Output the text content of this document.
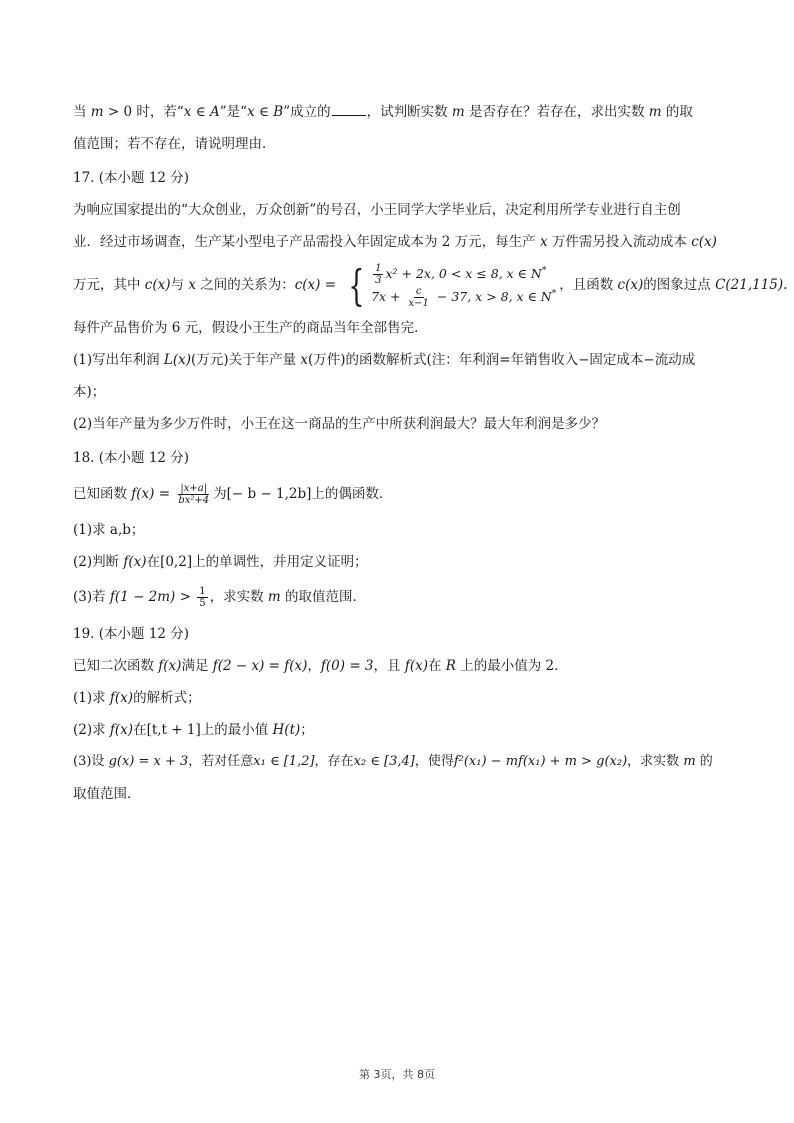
当 m > 0 时，若“x ∈ A”是“x ∈ B”成立的	，试判断实数 m 是否存在？若存在，求出实数 m 的取

值范围；若不存在，请说明理由．

17. (本小题 12 分)

为响应国家提出的“大众创业，万众创新”的号召，小王同学大学毕业后，决定利用所学专业进行自主创

业．经过市场调查，生产某小型电子产品需投入年固定成本为 2 万元，每生产 x 万件需另投入流动成本 c(x)

万元，其中 c(x)与 x 之间的关系为：c(x) = { $\frac{1}{3} x^2 + 2x$, 0 < x ≤ 8, x ∈ N*
$7x + \frac{c}{x-1} - 37$, x > 8, x ∈ N*
，且函数 c(x)的图象过点 C(21,115).

每件产品售价为 6 元，假设小王生产的商品当年全部售完．

(1)写出年利润 L(x)(万元)关于年产量 x(万件)的函数解析式(注：年利润=年销售收入−固定成本−流动成

本)；

(2)当年产量为多少万件时，小王在这一商品的生产中所获利润最大？最大年利润是多少？

18. (本小题 12 分)

已知函数 $f(x) = \frac{|x+a|}{\text{bx²+4}}$ 为[− b − 1,2b]上的偶函数．

(1)求 a,b；

(2)判断 f(x)在[0,2]上的单调性，并用定义证明；

(3)若 $f(1 - 2m) > \frac{1}{5}$ ，求实数 m 的取值范围．

19. (本小题 12 分)

已知二次函数 f(x)满足 f(2 − x) = f(x)，f(0) = 3，且 f(x)在 R 上的最小值为 2．

(1)求 f(x)的解析式；

(2)求 f(x)在[t,t + 1]上的最小值 H(t)；

(3)设 g(x) = x + 3，若对任意x₁ ∈ [1,2]，存在x₂ ∈ [3,4]，使得f²(x₁) − mf(x₁) + m > g(x₂)，求实数 m 的

取值范围．

第 3页，共 8页
